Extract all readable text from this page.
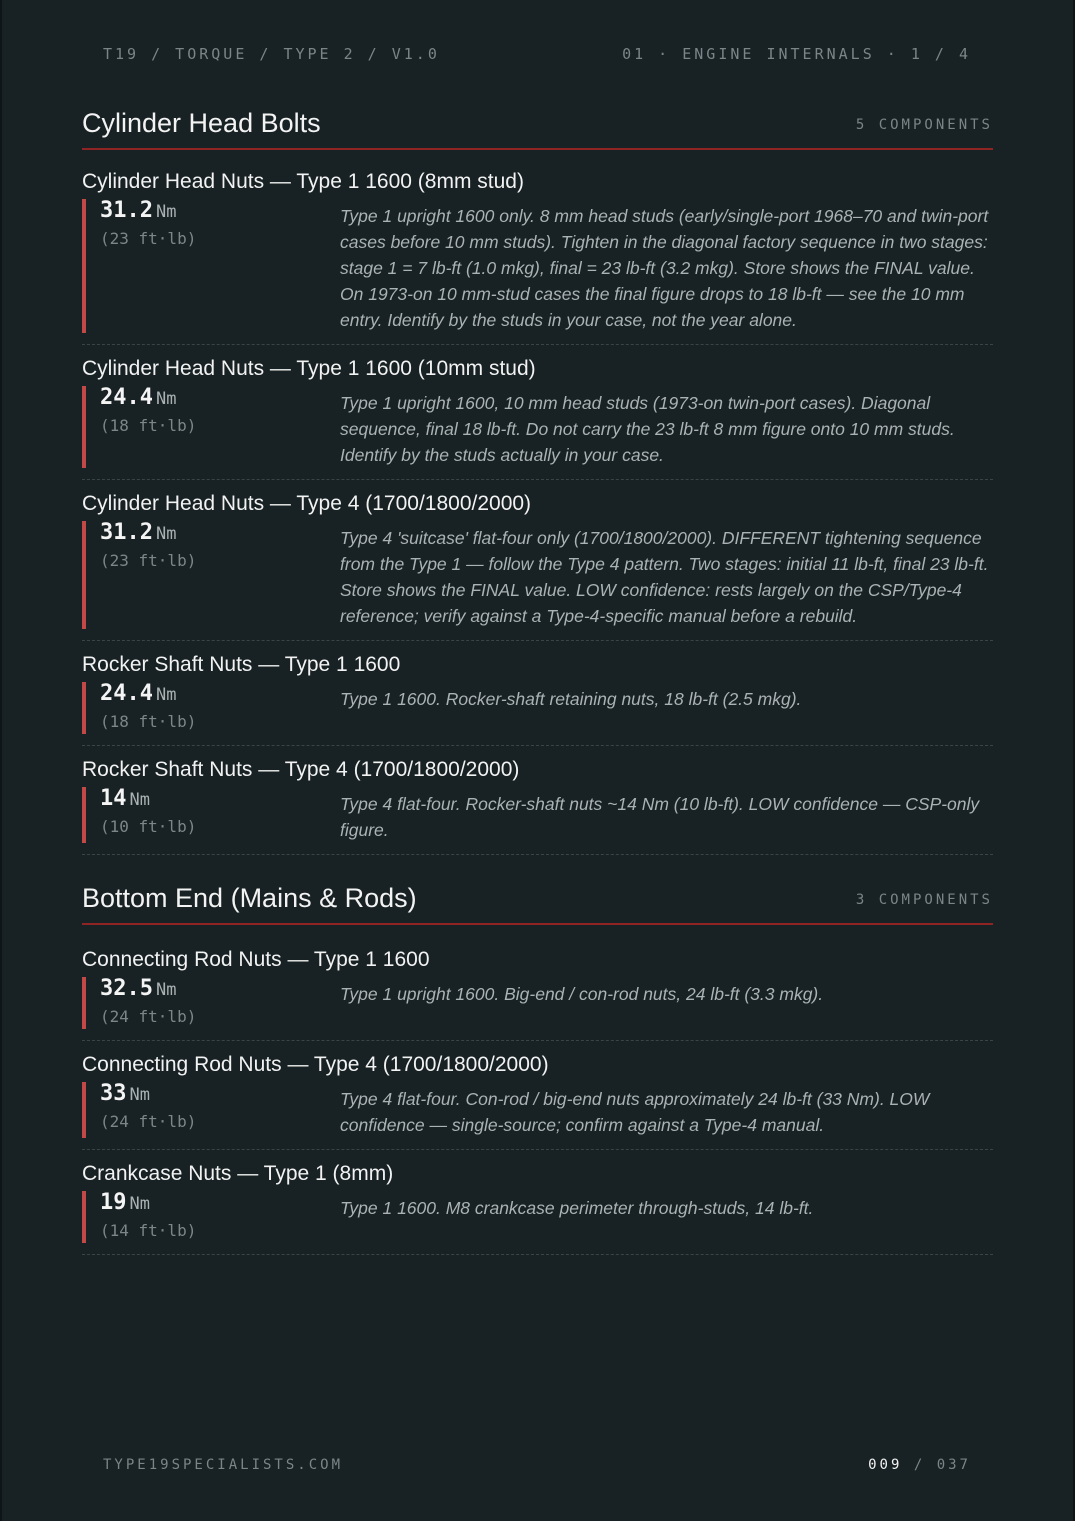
T19 / TORQUE / TYPE 2 / V1.0	01 · ENGINE INTERNALS · 1 / 4
Cylinder Head Bolts	5 COMPONENTS
Cylinder Head Nuts — Type 1 1600 (8mm stud)
31.2 Nm
(23 ft·lb)
Type 1 upright 1600 only. 8 mm head studs (early/single-port 1968–70 and twin-port cases before 10 mm studs). Tighten in the diagonal factory sequence in two stages: stage 1 = 7 lb-ft (1.0 mkg), final = 23 lb-ft (3.2 mkg). Store shows the FINAL value. On 1973-on 10 mm-stud cases the final figure drops to 18 lb-ft — see the 10 mm entry. Identify by the studs in your case, not the year alone.
Cylinder Head Nuts — Type 1 1600 (10mm stud)
24.4 Nm
(18 ft·lb)
Type 1 upright 1600, 10 mm head studs (1973-on twin-port cases). Diagonal sequence, final 18 lb-ft. Do not carry the 23 lb-ft 8 mm figure onto 10 mm studs. Identify by the studs actually in your case.
Cylinder Head Nuts — Type 4 (1700/1800/2000)
31.2 Nm
(23 ft·lb)
Type 4 'suitcase' flat-four only (1700/1800/2000). DIFFERENT tightening sequence from the Type 1 — follow the Type 4 pattern. Two stages: initial 11 lb-ft, final 23 lb-ft. Store shows the FINAL value. LOW confidence: rests largely on the CSP/Type-4 reference; verify against a Type-4-specific manual before a rebuild.
Rocker Shaft Nuts — Type 1 1600
24.4 Nm
(18 ft·lb)
Type 1 1600. Rocker-shaft retaining nuts, 18 lb-ft (2.5 mkg).
Rocker Shaft Nuts — Type 4 (1700/1800/2000)
14 Nm
(10 ft·lb)
Type 4 flat-four. Rocker-shaft nuts ~14 Nm (10 lb-ft). LOW confidence — CSP-only figure.
Bottom End (Mains & Rods)	3 COMPONENTS
Connecting Rod Nuts — Type 1 1600
32.5 Nm
(24 ft·lb)
Type 1 upright 1600. Big-end / con-rod nuts, 24 lb-ft (3.3 mkg).
Connecting Rod Nuts — Type 4 (1700/1800/2000)
33 Nm
(24 ft·lb)
Type 4 flat-four. Con-rod / big-end nuts approximately 24 lb-ft (33 Nm). LOW confidence — single-source; confirm against a Type-4 manual.
Crankcase Nuts — Type 1 (8mm)
19 Nm
(14 ft·lb)
Type 1 1600. M8 crankcase perimeter through-studs, 14 lb-ft.
TYPE19SPECIALISTS.COM	009 / 037
